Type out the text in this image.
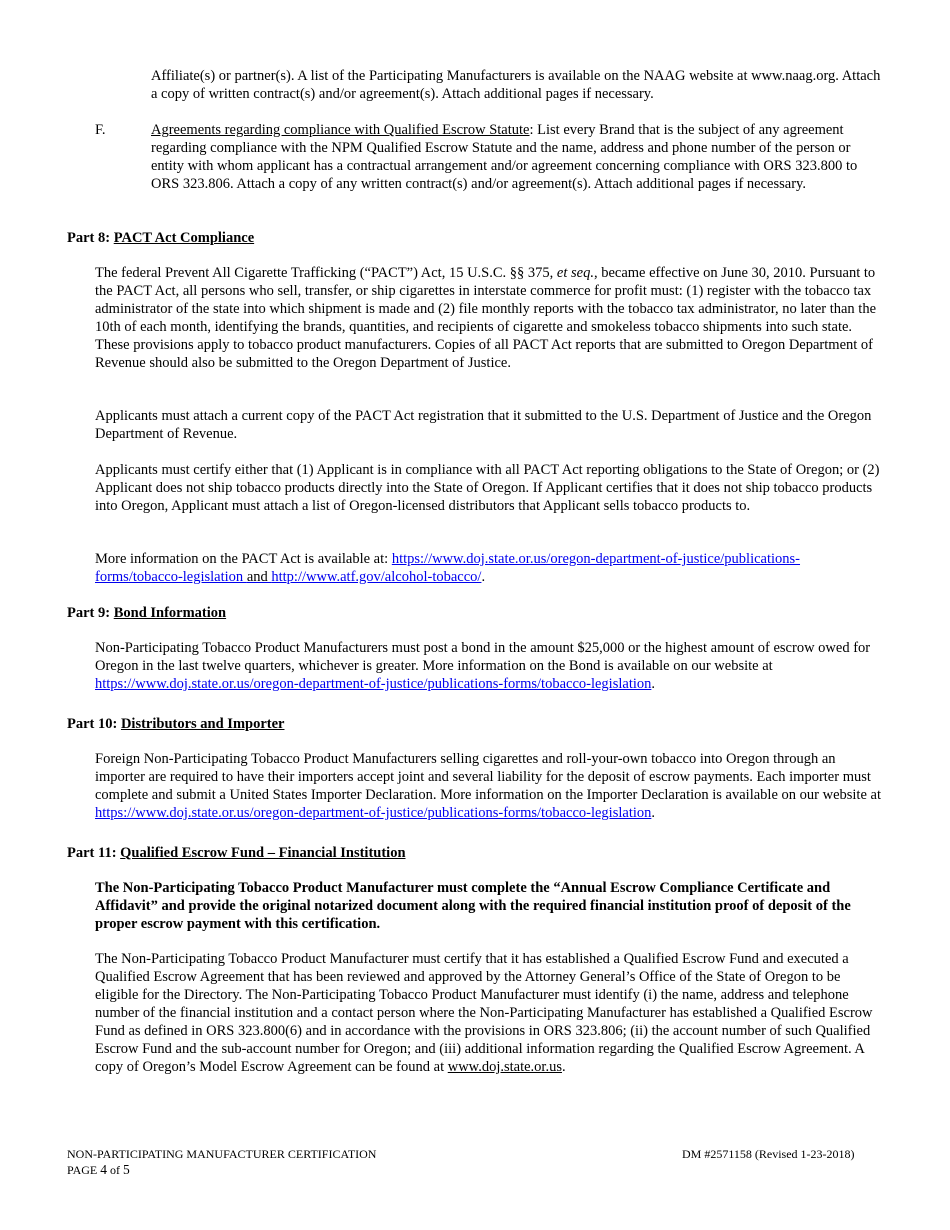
Affiliate(s) or partner(s). A list of the Participating Manufacturers is available on the NAAG website at www.naag.org. Attach a copy of written contract(s) and/or agreement(s). Attach additional pages if necessary.

F.	Agreements regarding compliance with Qualified Escrow Statute: List every Brand that is the subject of any agreement regarding compliance with the NPM Qualified Escrow Statute and the name, address and phone number of the person or entity with whom applicant has a contractual arrangement and/or agreement concerning compliance with ORS 323.800 to ORS 323.806. Attach a copy of any written contract(s) and/or agreement(s). Attach additional pages if necessary.

Part 8: PACT Act Compliance

The federal Prevent All Cigarette Trafficking (“PACT”) Act, 15 U.S.C. §§ 375, et seq., became effective on June 30, 2010. Pursuant to the PACT Act, all persons who sell, transfer, or ship cigarettes in interstate commerce for profit must: (1) register with the tobacco tax administrator of the state into which shipment is made and (2) file monthly reports with the tobacco tax administrator, no later than the 10th of each month, identifying the brands, quantities, and recipients of cigarette and smokeless tobacco shipments into such state. These provisions apply to tobacco product manufacturers. Copies of all PACT Act reports that are submitted to Oregon Department of Revenue should also be submitted to the Oregon Department of Justice.

Applicants must attach a current copy of the PACT Act registration that it submitted to the U.S. Department of Justice and the Oregon Department of Revenue.

Applicants must certify either that (1) Applicant is in compliance with all PACT Act reporting obligations to the State of Oregon; or (2) Applicant does not ship tobacco products directly into the State of Oregon. If Applicant certifies that it does not ship tobacco products into Oregon, Applicant must attach a list of Oregon-licensed distributors that Applicant sells tobacco products to.

More information on the PACT Act is available at: https://www.doj.state.or.us/oregon-department-of-justice/publications-forms/tobacco-legislation and http://www.atf.gov/alcohol-tobacco/.

Part 9: Bond Information

Non-Participating Tobacco Product Manufacturers must post a bond in the amount $25,000 or the highest amount of escrow owed for Oregon in the last twelve quarters, whichever is greater. More information on the Bond is available on our website at https://www.doj.state.or.us/oregon-department-of-justice/publications-forms/tobacco-legislation.

Part 10: Distributors and Importer

Foreign Non-Participating Tobacco Product Manufacturers selling cigarettes and roll-your-own tobacco into Oregon through an importer are required to have their importers accept joint and several liability for the deposit of escrow payments. Each importer must complete and submit a United States Importer Declaration. More information on the Importer Declaration is available on our website at https://www.doj.state.or.us/oregon-department-of-justice/publications-forms/tobacco-legislation.

Part 11: Qualified Escrow Fund – Financial Institution

The Non-Participating Tobacco Product Manufacturer must complete the “Annual Escrow Compliance Certificate and Affidavit” and provide the original notarized document along with the required financial institution proof of deposit of the proper escrow payment with this certification.

The Non-Participating Tobacco Product Manufacturer must certify that it has established a Qualified Escrow Fund and executed a Qualified Escrow Agreement that has been reviewed and approved by the Attorney General’s Office of the State of Oregon to be eligible for the Directory. The Non-Participating Tobacco Product Manufacturer must identify (i) the name, address and telephone number of the financial institution and a contact person where the Non-Participating Manufacturer has established a Qualified Escrow Fund as defined in ORS 323.800(6) and in accordance with the provisions in ORS 323.806; (ii) the account number of such Qualified Escrow Fund and the sub-account number for Oregon; and (iii) additional information regarding the Qualified Escrow Agreement. A copy of Oregon’s Model Escrow Agreement can be found at www.doj.state.or.us.

NON-PARTICIPATING MANUFACTURER CERTIFICATION
PAGE 4 of 5
DM #2571158 (Revised 1-23-2018)
